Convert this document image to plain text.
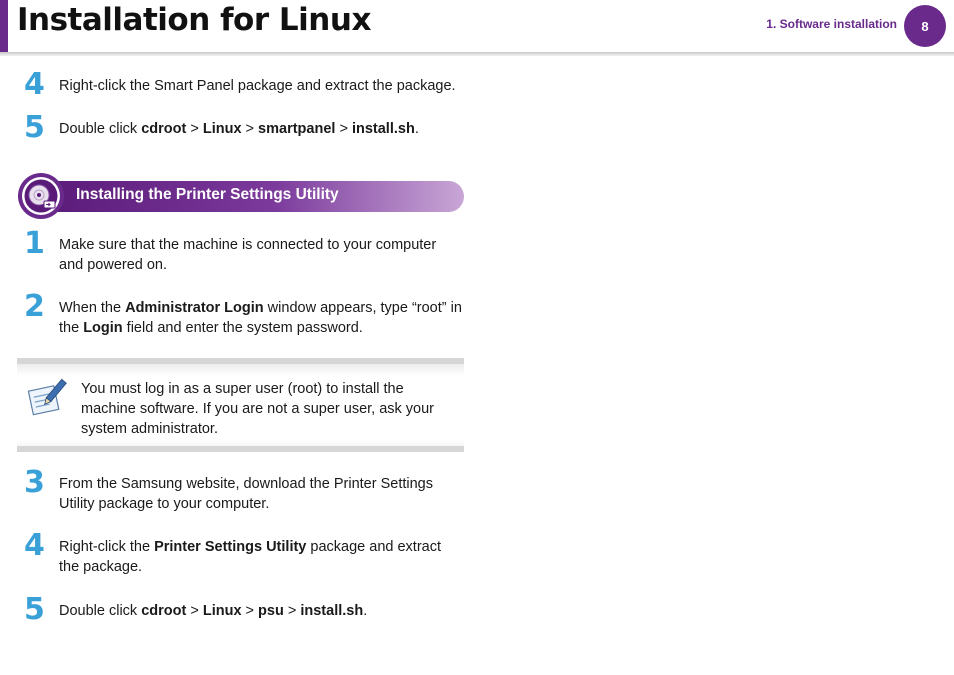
Installation for Linux	1. Software installation	8
4 Right-click the Smart Panel package and extract the package.
5 Double click cdroot > Linux > smartpanel > install.sh.
Installing the Printer Settings Utility
1 Make sure that the machine is connected to your computer and powered on.
2 When the Administrator Login window appears, type “root” in the Login field and enter the system password.
You must log in as a super user (root) to install the machine software. If you are not a super user, ask your system administrator.
3 From the Samsung website, download the Printer Settings Utility package to your computer.
4 Right-click the Printer Settings Utility package and extract the package.
5 Double click cdroot > Linux > psu > install.sh.
